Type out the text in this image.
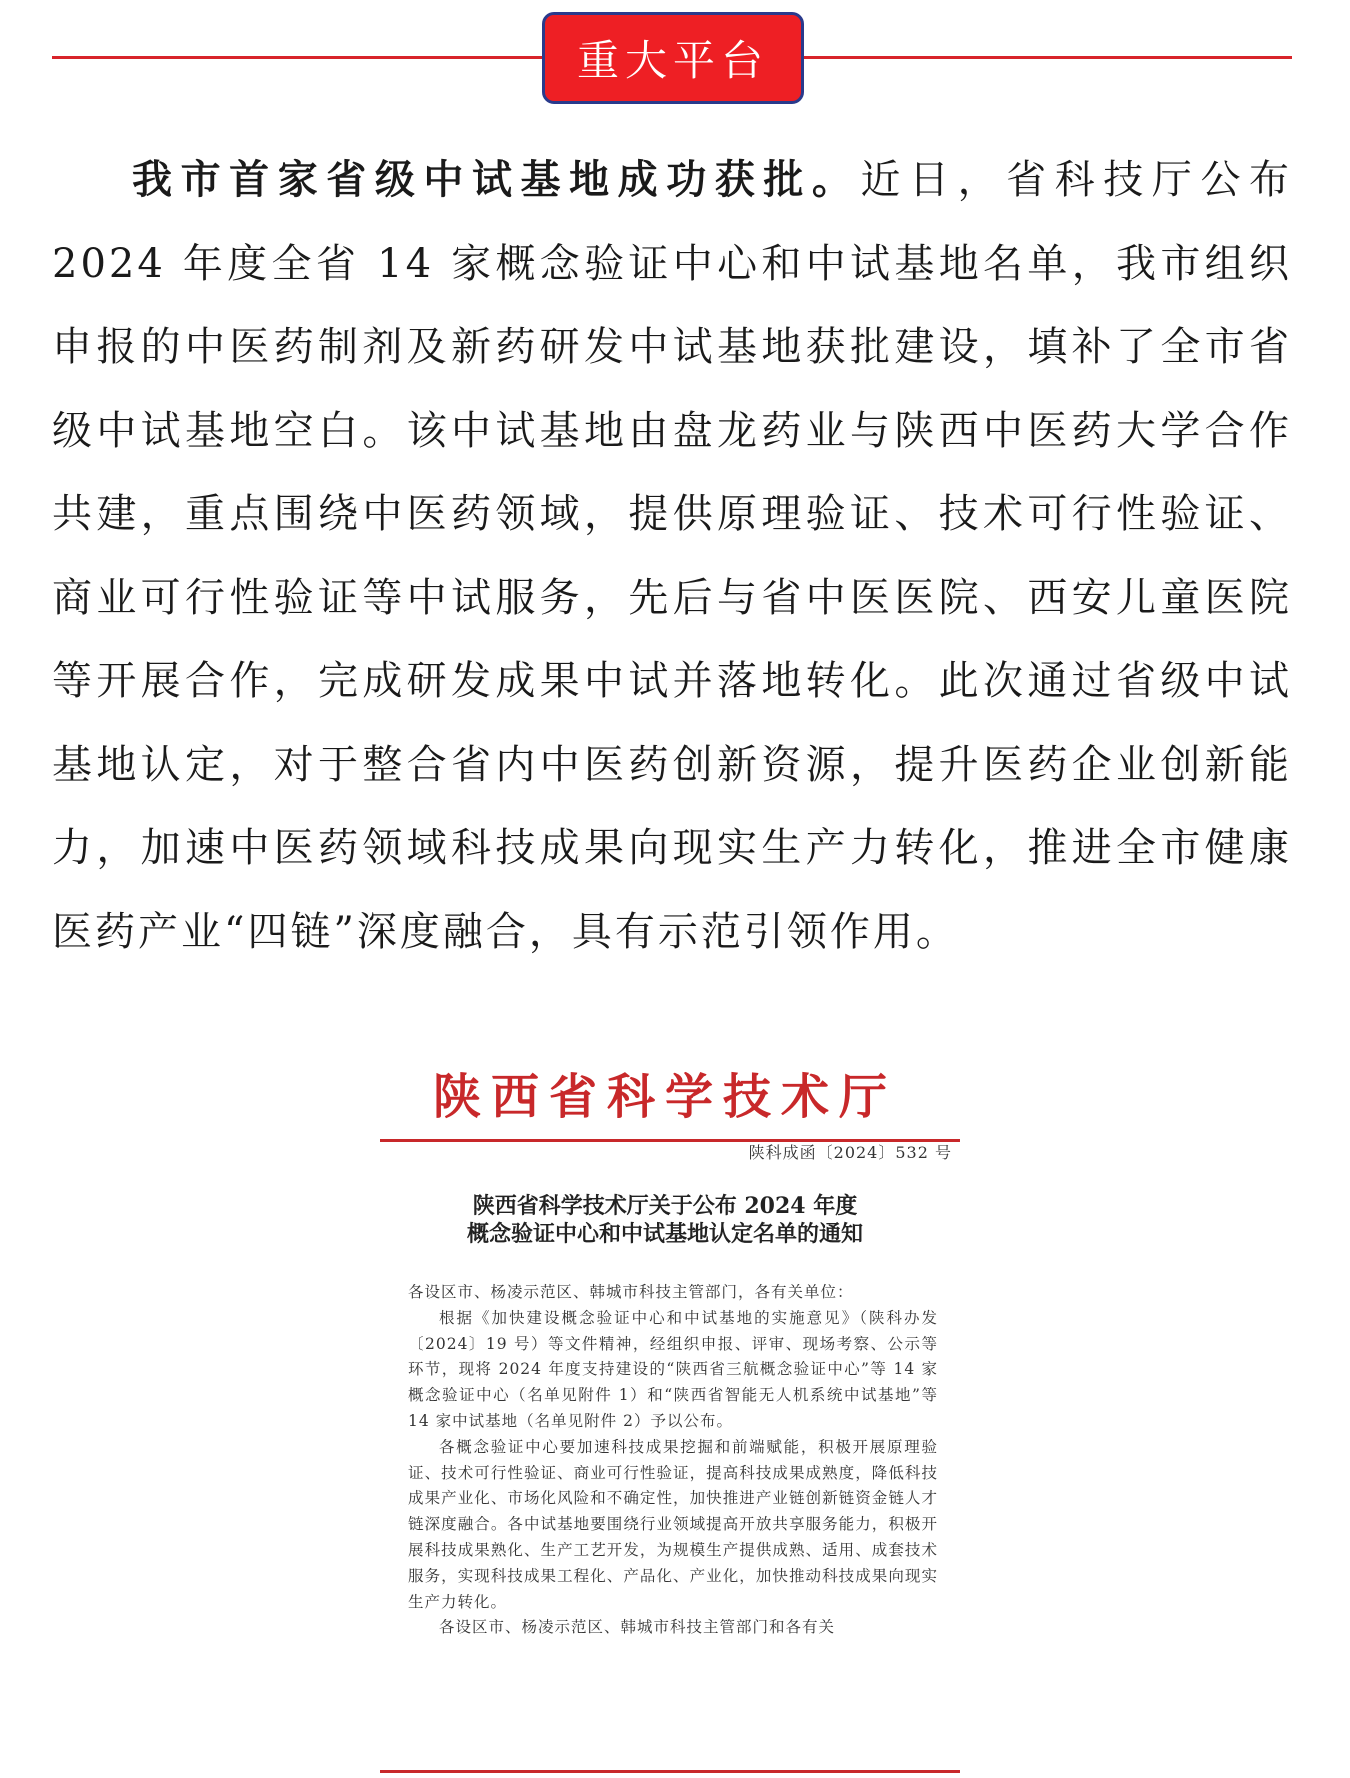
重大平台

我市首家省级中试基地成功获批。近日，省科技厅公布 2024 年度全省 14 家概念验证中心和中试基地名单，我市组织申报的中医药制剂及新药研发中试基地获批建设，填补了全市省级中试基地空白。该中试基地由盘龙药业与陕西中医药大学合作共建，重点围绕中医药领域，提供原理验证、技术可行性验证、商业可行性验证等中试服务，先后与省中医医院、西安儿童医院等开展合作，完成研发成果中试并落地转化。此次通过省级中试基地认定，对于整合省内中医药创新资源，提升医药企业创新能力，加速中医药领域科技成果向现实生产力转化，推进全市健康医药产业“四链”深度融合，具有示范引领作用。

陕西省科学技术厅
陕科成函〔2024〕532 号
陕西省科学技术厅关于公布 2024 年度
概念验证中心和中试基地认定名单的通知

各设区市、杨凌示范区、韩城市科技主管部门，各有关单位：

根据《加快建设概念验证中心和中试基地的实施意见》（陕科办发〔2024〕19 号）等文件精神，经组织申报、评审、现场考察、公示等环节，现将 2024 年度支持建设的“陕西省三航概念验证中心”等 14 家概念验证中心（名单见附件 1）和“陕西省智能无人机系统中试基地”等 14 家中试基地（名单见附件 2）予以公布。

各概念验证中心要加速科技成果挖掘和前端赋能，积极开展原理验证、技术可行性验证、商业可行性验证，提高科技成果成熟度，降低科技成果产业化、市场化风险和不确定性，加快推进产业链创新链资金链人才链深度融合。各中试基地要围绕行业领域提高开放共享服务能力，积极开展科技成果熟化、生产工艺开发，为规模生产提供成熟、适用、成套技术服务，实现科技成果工程化、产品化、产业化，加快推动科技成果向现实生产力转化。

各设区市、杨凌示范区、韩城市科技主管部门和各有关
